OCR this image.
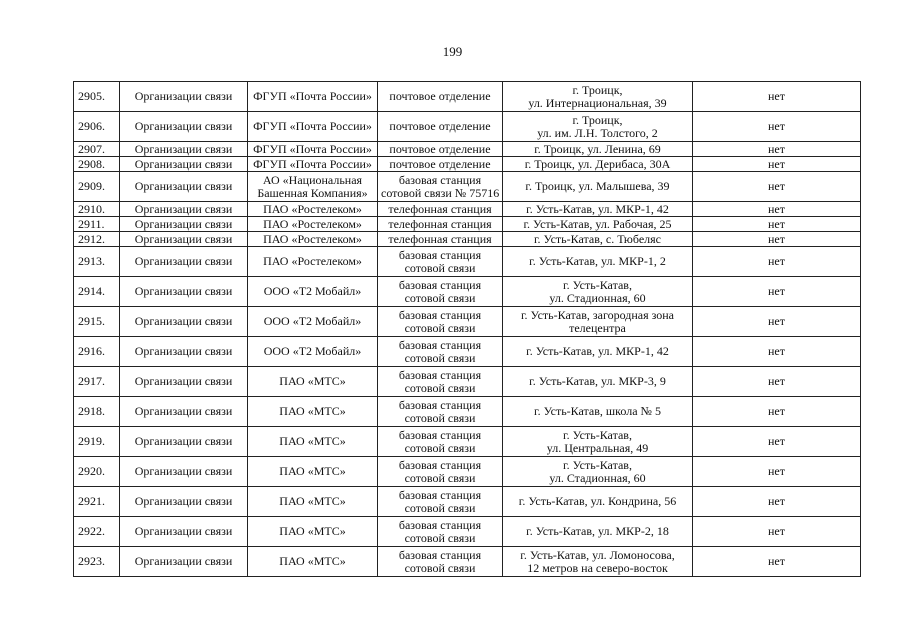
199
2905.	Организации связи	ФГУП «Почта России»	почтовое отделение	г. Троицк,
ул. Интернациональная, 39	нет
2906.	Организации связи	ФГУП «Почта России»	почтовое отделение	г. Троицк,
ул. им. Л.Н. Толстого, 2	нет
2907.	Организации связи	ФГУП «Почта России»	почтовое отделение	г. Троицк, ул. Ленина, 69	нет
2908.	Организации связи	ФГУП «Почта России»	почтовое отделение	г. Троицк, ул. Дерибаса, 30А	нет
2909.	Организации связи	АО «Национальная
Башенная Компания»	базовая станция
сотовой связи № 75716	г. Троицк, ул. Малышева, 39	нет
2910.	Организации связи	ПАО «Ростелеком»	телефонная станция	г. Усть-Катав, ул. МКР-1, 42	нет
2911.	Организации связи	ПАО «Ростелеком»	телефонная станция	г. Усть-Катав, ул. Рабочая, 25	нет
2912.	Организации связи	ПАО «Ростелеком»	телефонная станция	г. Усть-Катав, с. Тюбеляс	нет
2913.	Организации связи	ПАО «Ростелеком»	базовая станция
сотовой связи	г. Усть-Катав, ул. МКР-1, 2	нет
2914.	Организации связи	ООО «Т2 Мобайл»	базовая станция
сотовой связи	г. Усть-Катав,
ул. Стадионная, 60	нет
2915.	Организации связи	ООО «Т2 Мобайл»	базовая станция
сотовой связи	г. Усть-Катав, загородная зона
телецентра	нет
2916.	Организации связи	ООО «Т2 Мобайл»	базовая станция
сотовой связи	г. Усть-Катав, ул. МКР-1, 42	нет
2917.	Организации связи	ПАО «МТС»	базовая станция
сотовой связи	г. Усть-Катав, ул. МКР-3, 9	нет
2918.	Организации связи	ПАО «МТС»	базовая станция
сотовой связи	г. Усть-Катав, школа № 5	нет
2919.	Организации связи	ПАО «МТС»	базовая станция
сотовой связи	г. Усть-Катав,
ул. Центральная, 49	нет
2920.	Организации связи	ПАО «МТС»	базовая станция
сотовой связи	г. Усть-Катав,
ул. Стадионная, 60	нет
2921.	Организации связи	ПАО «МТС»	базовая станция
сотовой связи	г. Усть-Катав, ул. Кондрина, 56	нет
2922.	Организации связи	ПАО «МТС»	базовая станция
сотовой связи	г. Усть-Катав, ул. МКР-2, 18	нет
2923.	Организации связи	ПАО «МТС»	базовая станция
сотовой связи	г. Усть-Катав, ул. Ломоносова,
12 метров на северо-восток	нет
